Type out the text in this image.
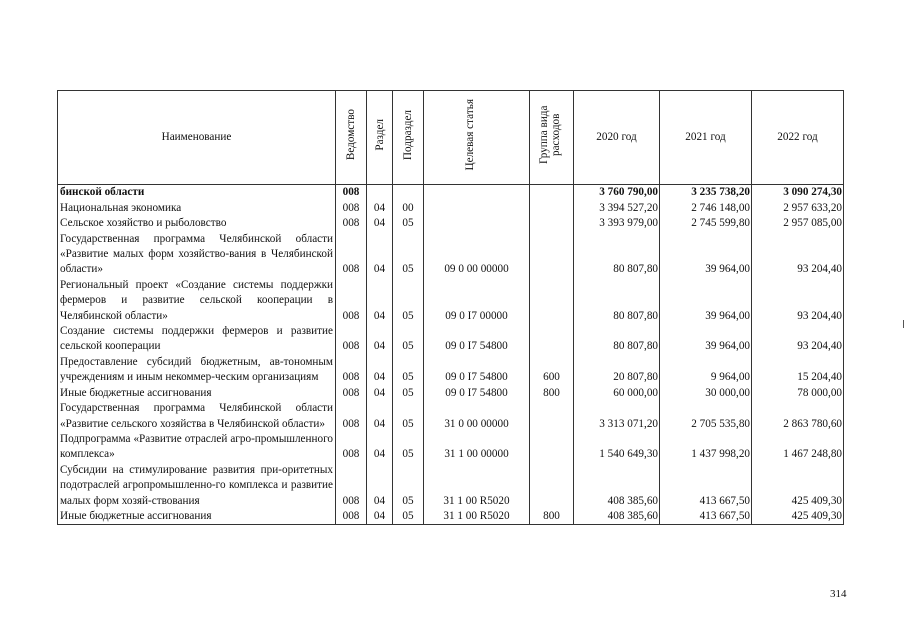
Наименование	Ведомство	Раздел	Подраздел	Целевая статья	Группа вида расходов	2020 год	2021 год	2022 год
бинской области	008					3 760 790,00	3 235 738,20	3 090 274,30
Национальная экономика	008	04	00			3 394 527,20	2 746 148,00	2 957 633,20
Сельское хозяйство и рыболовство	008	04	05			3 393 979,00	2 745 599,80	2 957 085,00
Государственная программа Челябинской области «Развитие малых форм хозяйство-вания в Челябинской области»	008	04	05	09 0 00 00000		80 807,80	39 964,00	93 204,40
Региональный проект «Создание системы поддержки фермеров и развитие сельской кооперации в Челябинской области»	008	04	05	09 0 I7 00000		80 807,80	39 964,00	93 204,40
Создание системы поддержки фермеров и развитие сельской кооперации	008	04	05	09 0 I7 54800		80 807,80	39 964,00	93 204,40
Предоставление субсидий бюджетным, ав-тономным учреждениям и иным некоммер-ческим организациям	008	04	05	09 0 I7 54800	600	20 807,80	9 964,00	15 204,40
Иные бюджетные ассигнования	008	04	05	09 0 I7 54800	800	60 000,00	30 000,00	78 000,00
Государственная программа Челябинской области «Развитие сельского хозяйства в Челябинской области»	008	04	05	31 0 00 00000		3 313 071,20	2 705 535,80	2 863 780,60
Подпрограмма «Развитие отраслей агро-промышленного комплекса»	008	04	05	31 1 00 00000		1 540 649,30	1 437 998,20	1 467 248,80
Субсидии на стимулирование развития при-оритетных подотраслей агропромышленно-го комплекса и развитие малых форм хозяй-ствования	008	04	05	31 1 00 R5020		408 385,60	413 667,50	425 409,30
Иные бюджетные ассигнования	008	04	05	31 1 00 R5020	800	408 385,60	413 667,50	425 409,30
314
